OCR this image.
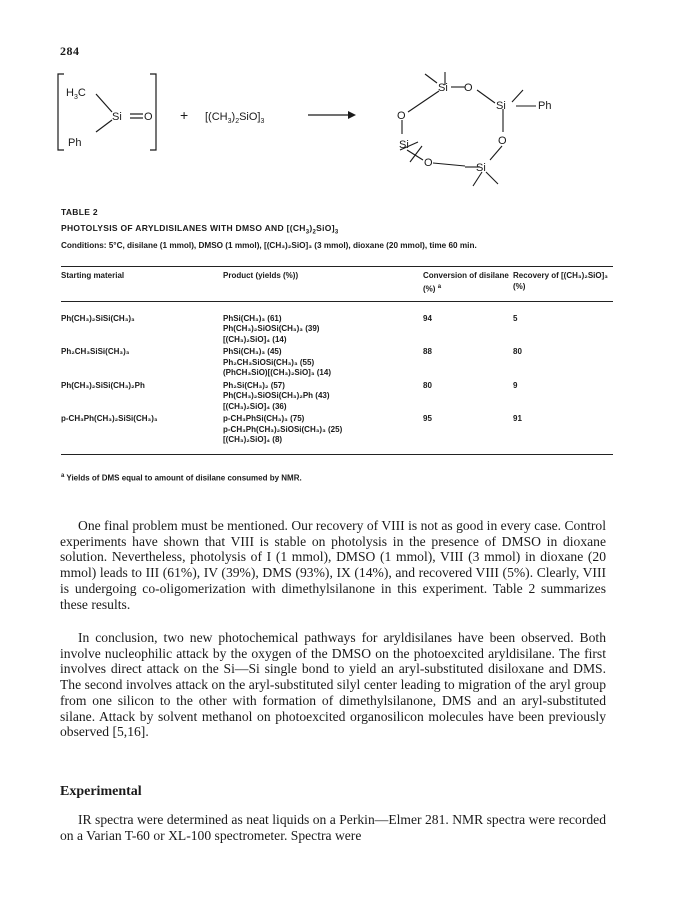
284
$H_3C$
Si O
Ph
+ $[(CH_3)_2SiO]_3$
Si O
Si	Ph
O
O
Si
O	Si
TABLE 2
PHOTOLYSIS OF ARYLDISILANES WITH DMSO AND $[(CH_3)_2SiO]_3$
Conditions: 5°C, disilane (1 mmol), DMSO (1 mmol), [(CH₃)₂SiO]₃ (3 mmol), dioxane (20 mmol), time 60 min.
Starting material	Product (yields (%))	Conversion of disilane (%) $^a$	Recovery of [(CH₃)₂SiO]₃ (%)
Ph(CH₃)₂SiSi(CH₃)₃	PhSi(CH₃)₃ (61)
Ph(CH₃)₂SiOSi(CH₃)₃ (39)
[(CH₃)₂SiO]₄ (14)	94	5
Ph₂CH₃SiSi(CH₃)₃	PhSi(CH₃)₃ (45)
Ph₂CH₃SiOSi(CH₃)₃ (55)
(PhCH₃SiO)[(CH₃)₂SiO]₃ (14)	88	80
Ph(CH₃)₂SiSi(CH₃)₂Ph	Ph₂Si(CH₃)₂ (57)
Ph(CH₃)₂SiOSi(CH₃)₂Ph (43)
[(CH₃)₂SiO]₄ (36)	80	9
p-CH₃Ph(CH₃)₂SiSi(CH₃)₃	p-CH₃PhSi(CH₃)₃ (75)
p-CH₃Ph(CH₃)₂SiOSi(CH₃)₃ (25)
[(CH₃)₂SiO]₄ (8)	95	91
$^a$ Yields of DMS equal to amount of disilane consumed by NMR.
One final problem must be mentioned. Our recovery of VIII is not as good in every case. Control experiments have shown that VIII is stable on photolysis in the presence of DMSO in dioxane solution. Nevertheless, photolysis of I (1 mmol), DMSO (1 mmol), VIII (3 mmol) in dioxane (20 mmol) leads to III (61%), IV (39%), DMS (93%), IX (14%), and recovered VIII (5%). Clearly, VIII is undergoing co-oligomerization with dimethylsilanone in this experiment. Table 2 summarizes these results.
In conclusion, two new photochemical pathways for aryldisilanes have been observed. Both involve nucleophilic attack by the oxygen of the DMSO on the photoexcited aryldisilane. The first involves direct attack on the Si—Si single bond to yield an aryl-substituted disiloxane and DMS. The second involves attack on the aryl-substituted silyl center leading to migration of the aryl group from one silicon to the other with formation of dimethylsilanone, DMS and an aryl-substituted silane. Attack by solvent methanol on photoexcited organosilicon molecules have been previously observed [5,16].
Experimental
IR spectra were determined as neat liquids on a Perkin—Elmer 281. NMR spectra were recorded on a Varian T-60 or XL-100 spectrometer. Spectra were
